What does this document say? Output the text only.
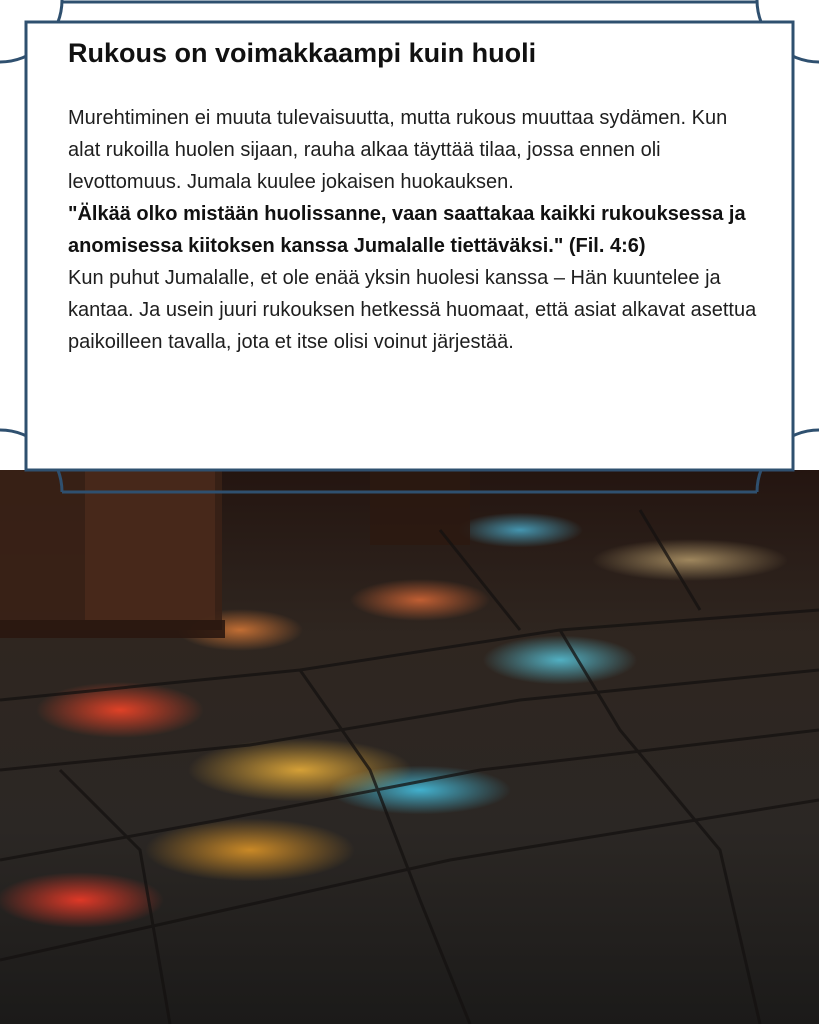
Rukous on voimakkaampi kuin huoli

Murehtiminen ei muuta tulevaisuutta, mutta rukous muuttaa sydämen. Kun alat rukoilla huolen sijaan, rauha alkaa täyttää tilaa, jossa ennen oli levottomuus. Jumala kuulee jokaisen huokauksen.
"Älkää olko mistään huolissanne, vaan saattakaa kaikki rukouksessa ja anomisessa kiitoksen kanssa Jumalalle tiettäväksi." (Fil. 4:6)
Kun puhut Jumalalle, et ole enää yksin huolesi kanssa – Hän kuuntelee ja kantaa. Ja usein juuri rukouksen hetkessä huomaat, että asiat alkavat asettua paikoilleen tavalla, jota et itse olisi voinut järjestää.
